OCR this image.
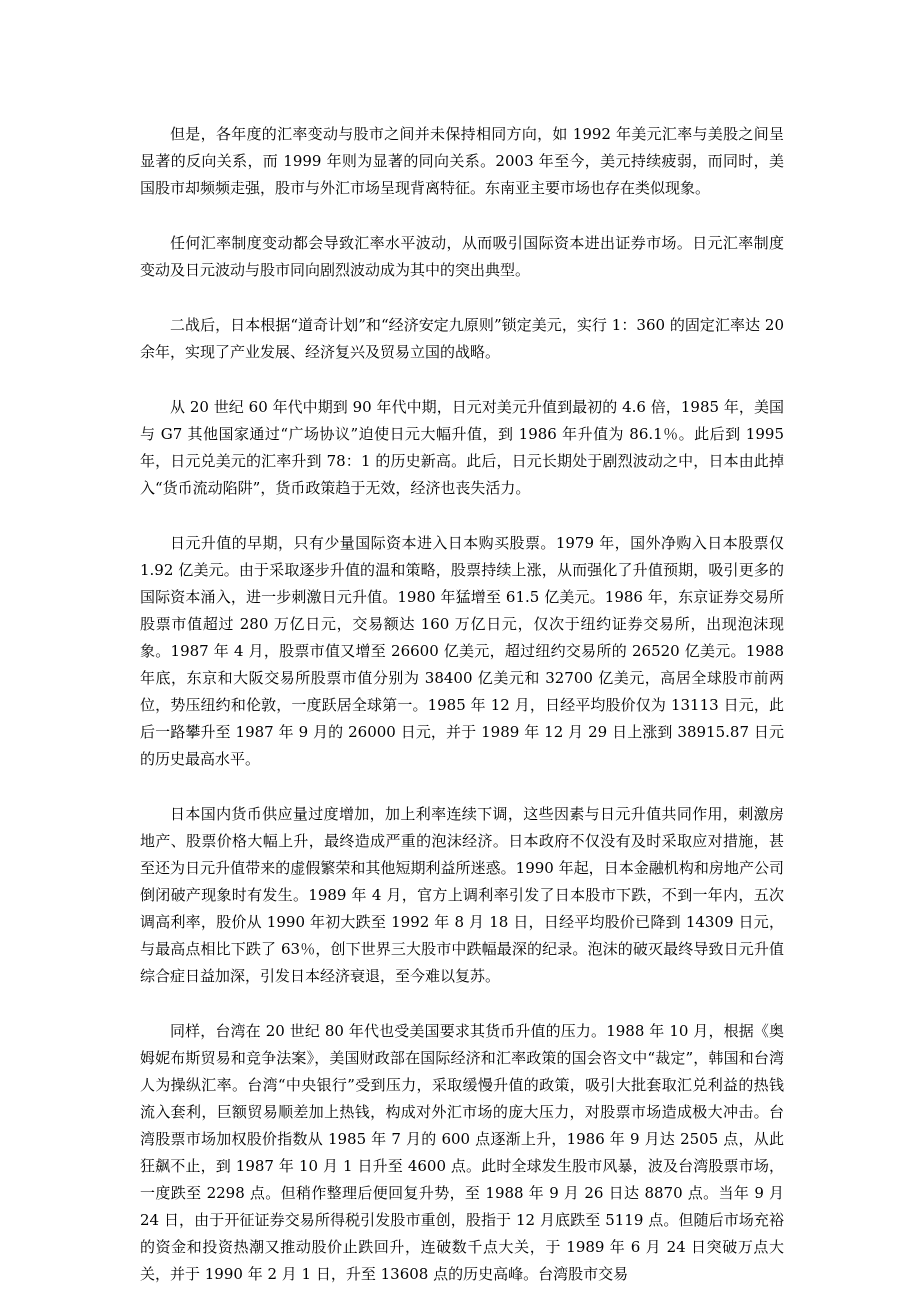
但是，各年度的汇率变动与股市之间并未保持相同方向，如 1992 年美元汇率与美股之间呈显著的反向关系，而 1999 年则为显著的同向关系。2003 年至今，美元持续疲弱，而同时，美国股市却频频走强，股市与外汇市场呈现背离特征。东南亚主要市场也存在类似现象。

任何汇率制度变动都会导致汇率水平波动，从而吸引国际资本进出证券市场。日元汇率制度变动及日元波动与股市同向剧烈波动成为其中的突出典型。

二战后，日本根据“道奇计划”和“经济安定九原则”锁定美元，实行 1：360 的固定汇率达 20 余年，实现了产业发展、经济复兴及贸易立国的战略。

从 20 世纪 60 年代中期到 90 年代中期，日元对美元升值到最初的 4.6 倍，1985 年，美国与 G7 其他国家通过“广场协议”迫使日元大幅升值，到 1986 年升值为 86.1％。此后到 1995 年，日元兑美元的汇率升到 78：1 的历史新高。此后，日元长期处于剧烈波动之中，日本由此掉入“货币流动陷阱”，货币政策趋于无效，经济也丧失活力。

日元升值的早期，只有少量国际资本进入日本购买股票。1979 年，国外净购入日本股票仅 1.92 亿美元。由于采取逐步升值的温和策略，股票持续上涨，从而强化了升值预期，吸引更多的国际资本涌入，进一步刺激日元升值。1980 年猛增至 61.5 亿美元。1986 年，东京证券交易所股票市值超过 280 万亿日元，交易额达 160 万亿日元，仅次于纽约证券交易所，出现泡沫现象。1987 年 4 月，股票市值又增至 26600 亿美元，超过纽约交易所的 26520 亿美元。1988 年底，东京和大阪交易所股票市值分别为 38400 亿美元和 32700 亿美元，高居全球股市前两位，势压纽约和伦敦，一度跃居全球第一。1985 年 12 月，日经平均股价仅为 13113 日元，此后一路攀升至 1987 年 9 月的 26000 日元，并于 1989 年 12 月 29 日上涨到 38915.87 日元的历史最高水平。

日本国内货币供应量过度增加，加上利率连续下调，这些因素与日元升值共同作用，刺激房地产、股票价格大幅上升，最终造成严重的泡沫经济。日本政府不仅没有及时采取应对措施，甚至还为日元升值带来的虚假繁荣和其他短期利益所迷惑。1990 年起，日本金融机构和房地产公司倒闭破产现象时有发生。1989 年 4 月，官方上调利率引发了日本股市下跌，不到一年内，五次调高利率，股价从 1990 年初大跌至 1992 年 8 月 18 日，日经平均股价已降到 14309 日元，与最高点相比下跌了 63％，创下世界三大股市中跌幅最深的纪录。泡沫的破灭最终导致日元升值综合症日益加深，引发日本经济衰退，至今难以复苏。

同样，台湾在 20 世纪 80 年代也受美国要求其货币升值的压力。1988 年 10 月，根据《奥姆妮布斯贸易和竞争法案》，美国财政部在国际经济和汇率政策的国会咨文中“裁定”，韩国和台湾人为操纵汇率。台湾“中央银行”受到压力，采取缓慢升值的政策，吸引大批套取汇兑利益的热钱流入套利，巨额贸易顺差加上热钱，构成对外汇市场的庞大压力，对股票市场造成极大冲击。台湾股票市场加权股价指数从 1985 年 7 月的 600 点逐渐上升，1986 年 9 月达 2505 点，从此狂飙不止，到 1987 年 10 月 1 日升至 4600 点。此时全球发生股市风暴，波及台湾股票市场，一度跌至 2298 点。但稍作整理后便回复升势，至 1988 年 9 月 26 日达 8870 点。当年 9 月 24 日，由于开征证券交易所得税引发股市重创，股指于 12 月底跌至 5119 点。但随后市场充裕的资金和投资热潮又推动股价止跌回升，连破数千点大关，于 1989 年 6 月 24 日突破万点大关，并于 1990 年 2 月 1 日，升至 13608 点的历史高峰。台湾股市交易
